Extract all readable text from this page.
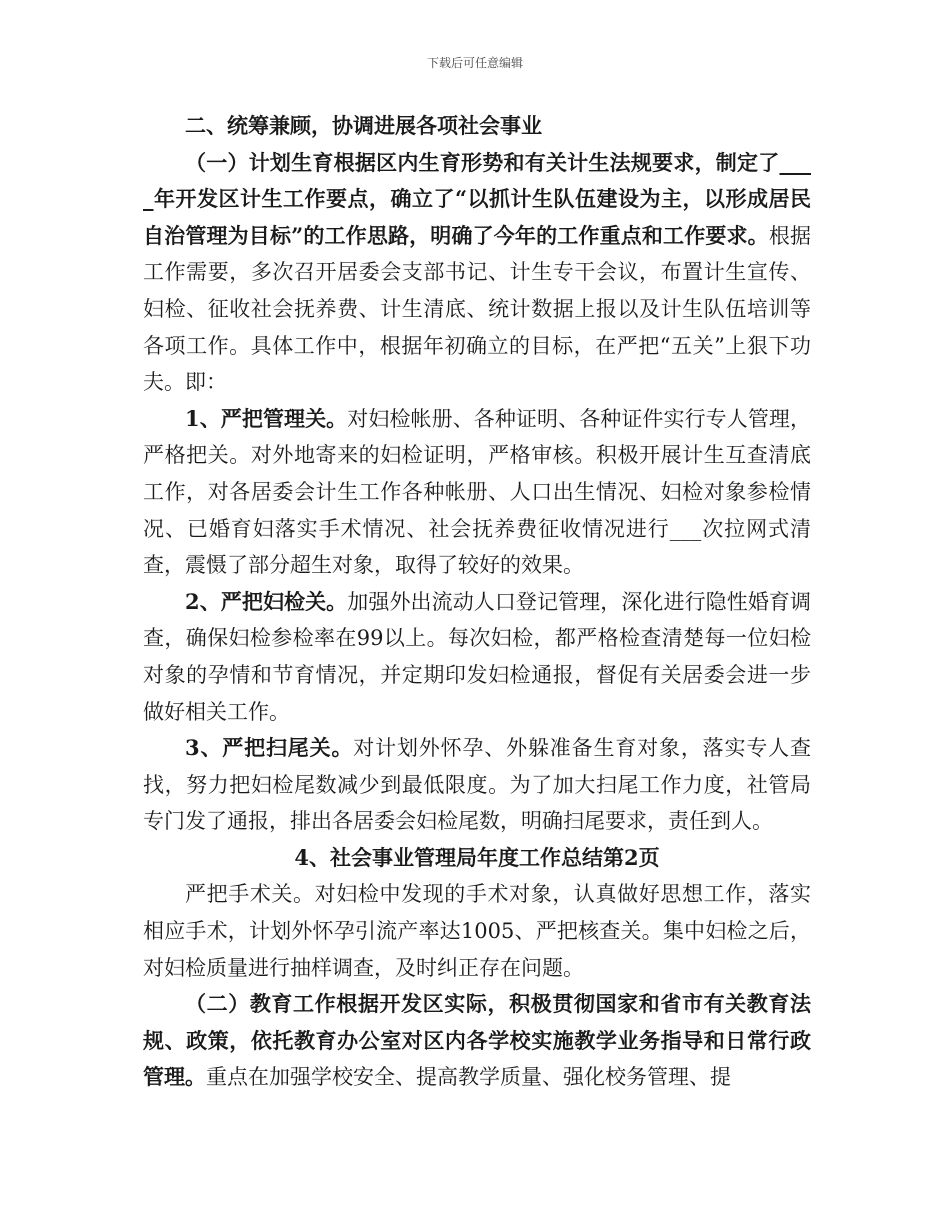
下载后可任意编辑

二、统筹兼顾，协调进展各项社会事业

（一）计划生育根据区内生育形势和有关计生法规要求，制定了____年开发区计生工作要点，确立了“以抓计生队伍建设为主，以形成居民自治管理为目标”的工作思路，明确了今年的工作重点和工作要求。根据工作需要，多次召开居委会支部书记、计生专干会议，布置计生宣传、妇检、征收社会抚养费、计生清底、统计数据上报以及计生队伍培训等各项工作。具体工作中，根据年初确立的目标，在严把“五关”上狠下功夫。即：

1、严把管理关。对妇检帐册、各种证明、各种证件实行专人管理，严格把关。对外地寄来的妇检证明，严格审核。积极开展计生互查清底工作，对各居委会计生工作各种帐册、人口出生情况、妇检对象参检情况、已婚育妇落实手术情况、社会抚养费征收情况进行___次拉网式清查，震慑了部分超生对象，取得了较好的效果。

2、严把妇检关。加强外出流动人口登记管理，深化进行隐性婚育调查，确保妇检参检率在99以上。每次妇检，都严格检查清楚每一位妇检对象的孕情和节育情况，并定期印发妇检通报，督促有关居委会进一步做好相关工作。

3、严把扫尾关。对计划外怀孕、外躲准备生育对象，落实专人查找，努力把妇检尾数减少到最低限度。为了加大扫尾工作力度，社管局专门发了通报，排出各居委会妇检尾数，明确扫尾要求，责任到人。

4、社会事业管理局年度工作总结第2页

严把手术关。对妇检中发现的手术对象，认真做好思想工作，落实相应手术，计划外怀孕引流产率达1005、严把核查关。集中妇检之后，对妇检质量进行抽样调查，及时纠正存在问题。

（二）教育工作根据开发区实际，积极贯彻国家和省市有关教育法规、政策，依托教育办公室对区内各学校实施教学业务指导和日常行政管理。重点在加强学校安全、提高教学质量、强化校务管理、提
